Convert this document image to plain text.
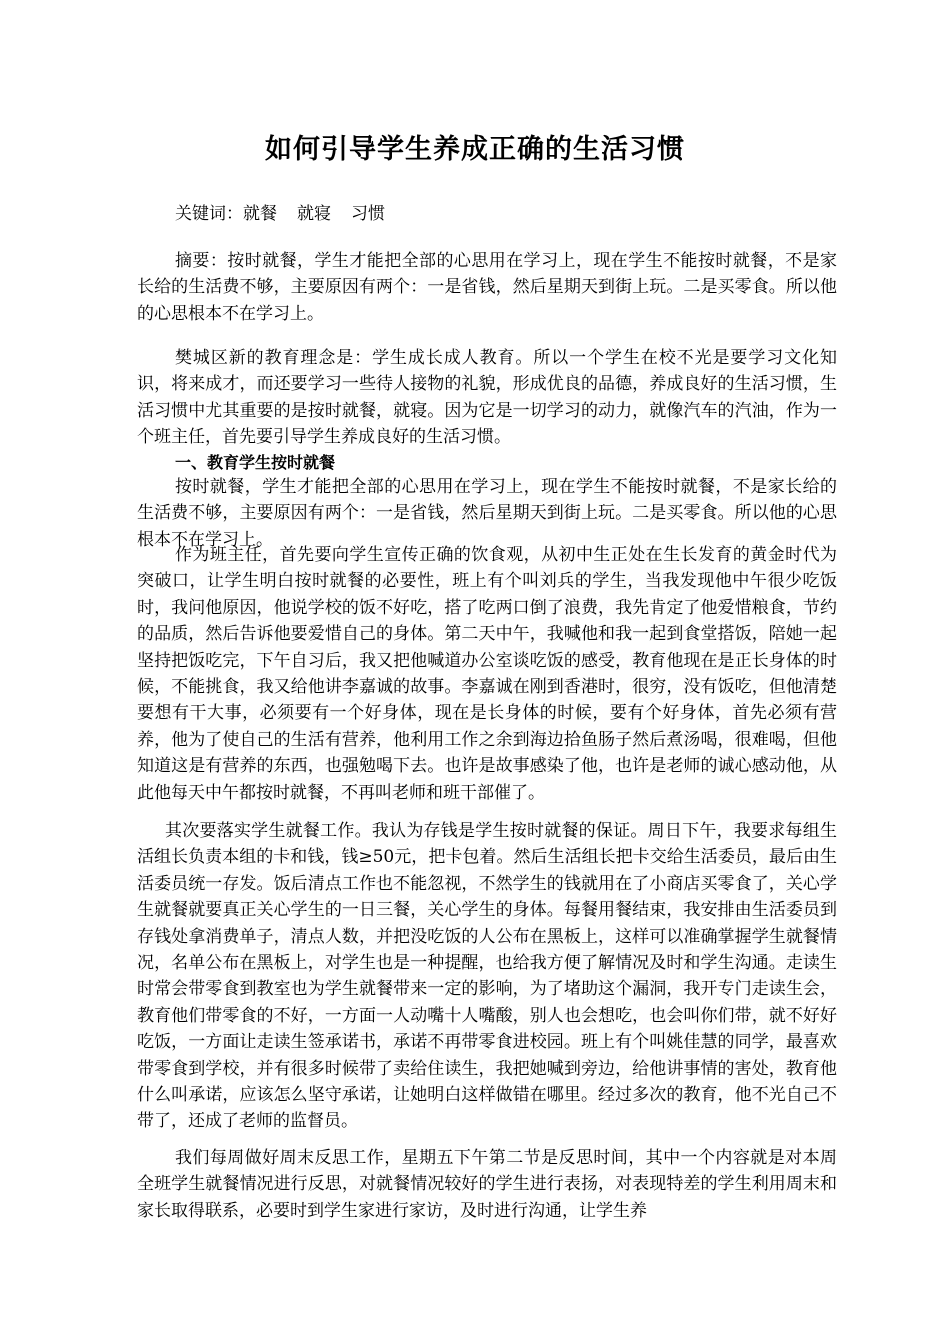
如何引导学生养成正确的生活习惯

关键词：就餐 就寝 习惯

摘要：按时就餐，学生才能把全部的心思用在学习上，现在学生不能按时就餐，不是家长给的生活费不够，主要原因有两个：一是省钱，然后星期天到街上玩。二是买零食。所以他的心思根本不在学习上。

樊城区新的教育理念是：学生成长成人教育。所以一个学生在校不光是要学习文化知识，将来成才，而还要学习一些待人接物的礼貌，形成优良的品德，养成良好的生活习惯，生活习惯中尤其重要的是按时就餐，就寝。因为它是一切学习的动力，就像汽车的汽油，作为一个班主任，首先要引导学生养成良好的生活习惯。

一、教育学生按时就餐

按时就餐，学生才能把全部的心思用在学习上，现在学生不能按时就餐，不是家长给的生活费不够，主要原因有两个：一是省钱，然后星期天到街上玩。二是买零食。所以他的心思根本不在学习上。

作为班主任，首先要向学生宣传正确的饮食观，从初中生正处在生长发育的黄金时代为突破口，让学生明白按时就餐的必要性，班上有个叫刘兵的学生，当我发现他中午很少吃饭时，我问他原因，他说学校的饭不好吃，搭了吃两口倒了浪费，我先肯定了他爱惜粮食，节约的品质，然后告诉他要爱惜自己的身体。第二天中午，我喊他和我一起到食堂搭饭，陪她一起坚持把饭吃完，下午自习后，我又把他喊道办公室谈吃饭的感受，教育他现在是正长身体的时候，不能挑食，我又给他讲李嘉诚的故事。李嘉诚在刚到香港时，很穷，没有饭吃，但他清楚要想有干大事，必须要有一个好身体，现在是长身体的时候，要有个好身体，首先必须有营养，他为了使自己的生活有营养，他利用工作之余到海边拾鱼肠子然后煮汤喝，很难喝，但他知道这是有营养的东西，也强勉喝下去。也许是故事感染了他，也许是老师的诚心感动他，从此他每天中午都按时就餐，不再叫老师和班干部催了。

其次要落实学生就餐工作。我认为存钱是学生按时就餐的保证。周日下午，我要求每组生活组长负责本组的卡和钱，钱≥50元，把卡包着。然后生活组长把卡交给生活委员，最后由生活委员统一存发。饭后清点工作也不能忽视，不然学生的钱就用在了小商店买零食了，关心学生就餐就要真正关心学生的一日三餐，关心学生的身体。每餐用餐结束，我安排由生活委员到存钱处拿消费单子，清点人数，并把没吃饭的人公布在黑板上，这样可以准确掌握学生就餐情况，名单公布在黑板上，对学生也是一种提醒，也给我方便了解情况及时和学生沟通。走读生时常会带零食到教室也为学生就餐带来一定的影响，为了堵助这个漏洞，我开专门走读生会，教育他们带零食的不好，一方面一人动嘴十人嘴酸，别人也会想吃，也会叫你们带，就不好好吃饭，一方面让走读生签承诺书，承诺不再带零食进校园。班上有个叫姚佳慧的同学，最喜欢带零食到学校，并有很多时候带了卖给住读生，我把她喊到旁边，给他讲事情的害处，教育他什么叫承诺，应该怎么坚守承诺，让她明白这样做错在哪里。经过多次的教育，他不光自己不带了，还成了老师的监督员。

我们每周做好周末反思工作，星期五下午第二节是反思时间，其中一个内容就是对本周全班学生就餐情况进行反思，对就餐情况较好的学生进行表扬，对表现特差的学生利用周末和家长取得联系，必要时到学生家进行家访，及时进行沟通，让学生养
